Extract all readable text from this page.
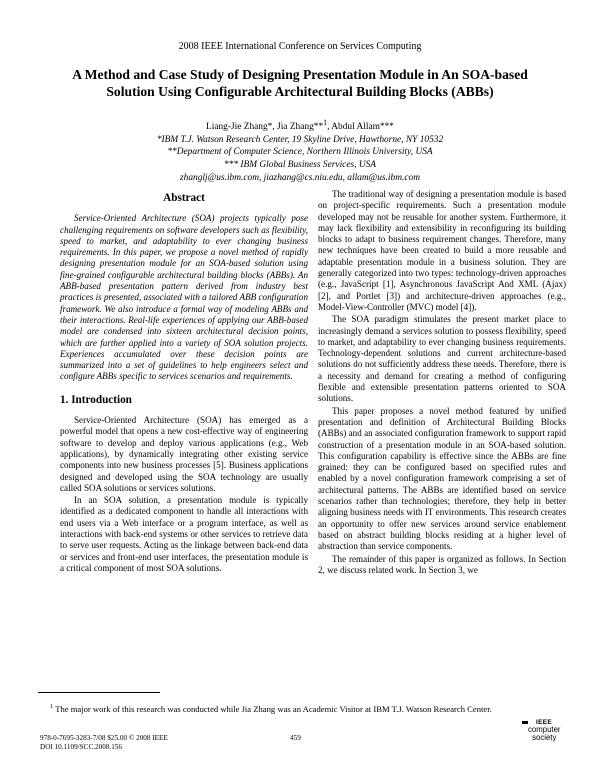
2008 IEEE International Conference on Services Computing
A Method and Case Study of Designing Presentation Module in An SOA-based
Solution Using Configurable Architectural Building Blocks (ABBs)
Liang-Jie Zhang*, Jia Zhang**$^1$, Abdul Allam***
*IBM T.J. Watson Research Center, 19 Skyline Drive, Hawthorne, NY 10532
**Department of Computer Science, Northern Illinois University, USA
*** IBM Global Business Services, USA
zhanglj@us.ibm.com, jiazhang@cs.niu.edu, allam@us.ibm.com
Abstract

Service-Oriented Architecture (SOA) projects typically pose challenging requirements on software developers such as flexibility, speed to market, and adaptability to ever changing business requirements. In this paper, we propose a novel method of rapidly designing presentation module for an SOA-based solution using fine-grained configurable architectural building blocks (ABBs). An ABB-based presentation pattern derived from industry best practices is presented, associated with a tailored ABB configuration framework. We also introduce a formal way of modeling ABBs and their interactions. Real-life experiences of applying our ABB-based model are condensed into sixteen architectural decision points, which are further applied into a variety of SOA solution projects. Experiences accumulated over these decision points are summarized into a set of guidelines to help engineers select and configure ABBs specific to services scenarios and requirements.

1. Introduction

Service-Oriented Architecture (SOA) has emerged as a powerful model that opens a new cost-effective way of engineering software to develop and deploy various applications (e.g., Web applications), by dynamically integrating other existing service components into new business processes [5]. Business applications designed and developed using the SOA technology are usually called SOA solutions or services solutions.

In an SOA solution, a presentation module is typically identified as a dedicated component to handle all interactions with end users via a Web interface or a program interface, as well as interactions with back-end systems or other services to retrieve data to serve user requests. Acting as the linkage between back-end data or services and front-end user interfaces, the presentation module is a critical component of most SOA solutions.

The traditional way of designing a presentation module is based on project-specific requirements. Such a presentation module developed may not be reusable for another system. Furthermore, it may lack flexibility and extensibility in reconfiguring its building blocks to adapt to business requirement changes. Therefore, many new techniques have been created to build a more reusable and adaptable presentation module in a business solution. They are generally categorized into two types: technology-driven approaches (e.g., JavaScript [1], Asynchronous JavaScript And XML (Ajax) [2], and Portlet [3]) and architecture-driven approaches (e.g., Model-View-Controller (MVC) model [4]).

The SOA paradigm stimulates the present market place to increasingly demand a services solution to possess flexibility, speed to market, and adaptability to ever changing business requirements. Technology-dependent solutions and current architecture-based solutions do not sufficiently address these needs. Therefore, there is a necessity and demand for creating a method of configuring flexible and extensible presentation patterns oriented to SOA solutions.

This paper proposes a novel method featured by unified presentation and definition of Architectural Building Blocks (ABBs) and an associated configuration framework to support rapid construction of a presentation module in an SOA-based solution. This configuration capability is effective since the ABBs are fine grained: they can be configured based on specified rules and enabled by a novel configuration framework comprising a set of architectural patterns. The ABBs are identified based on service scenarios rather than technologies; therefore, they help in better aligning business needs with IT environments. This research creates an opportunity to offer new services around service enablement based on abstract building blocks residing at a higher level of abstraction than service components.

The remainder of this paper is organized as follows. In Section 2, we discuss related work. In Section 3, we

$^1$ The major work of this research was conducted while Jia Zhang was an Academic Visitor at IBM T.J. Watson Research Center.
978-0-7695-3283-7/08 $25.00 © 2008 IEEE
DOI 10.1109/SCC.2008.156
459
IEEE
computer
society
